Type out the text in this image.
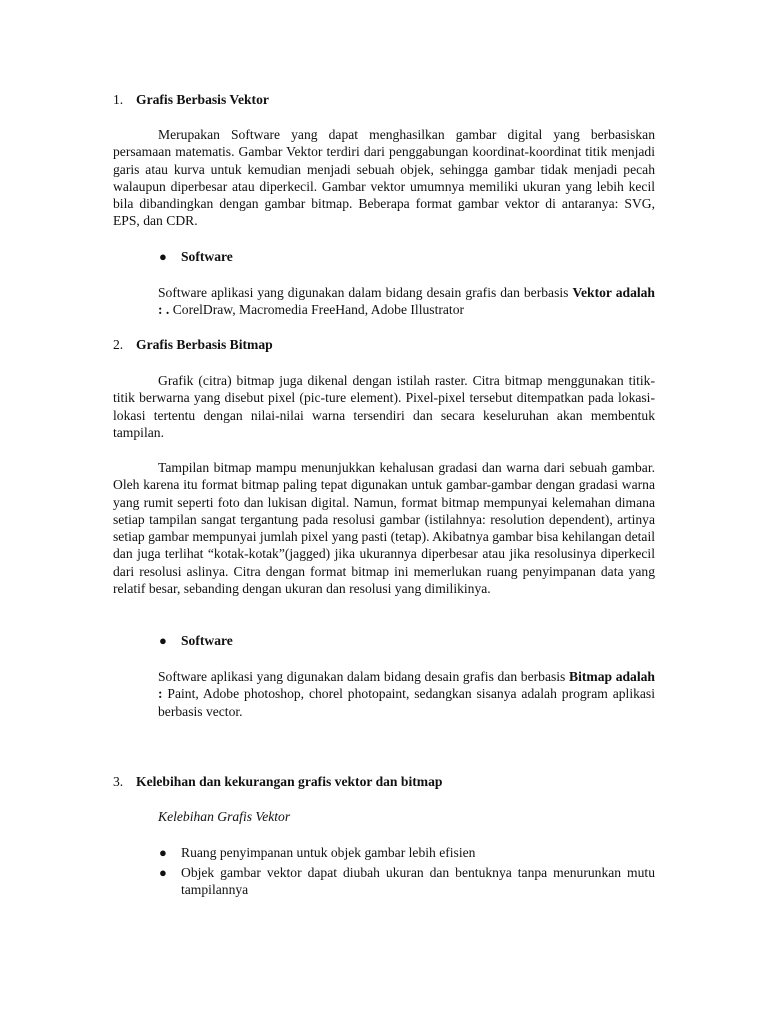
1. Grafis Berbasis Vektor

Merupakan Software yang dapat menghasilkan gambar digital yang berbasiskan persamaan matematis. Gambar Vektor terdiri dari penggabungan koordinat-koordinat titik menjadi garis atau kurva untuk kemudian menjadi sebuah objek, sehingga gambar tidak menjadi pecah walaupun diperbesar atau diperkecil. Gambar vektor umumnya memiliki ukuran yang lebih kecil bila dibandingkan dengan gambar bitmap. Beberapa format gambar vektor di antaranya: SVG, EPS, dan CDR.

● Software

Software aplikasi yang digunakan dalam bidang desain grafis dan berbasis Vektor adalah : . CorelDraw, Macromedia FreeHand, Adobe Illustrator

2. Grafis Berbasis Bitmap

Grafik (citra) bitmap juga dikenal dengan istilah raster. Citra bitmap menggunakan titik-titik berwarna yang disebut pixel (pic-ture element). Pixel-pixel tersebut ditempatkan pada lokasi-lokasi tertentu dengan nilai-nilai warna tersendiri dan secara keseluruhan akan membentuk tampilan.

Tampilan bitmap mampu menunjukkan kehalusan gradasi dan warna dari sebuah gambar. Oleh karena itu format bitmap paling tepat digunakan untuk gambar-gambar dengan gradasi warna yang rumit seperti foto dan lukisan digital. Namun, format bitmap mempunyai kelemahan dimana setiap tampilan sangat tergantung pada resolusi gambar (istilahnya: resolution dependent), artinya setiap gambar mempunyai jumlah pixel yang pasti (tetap). Akibatnya gambar bisa kehilangan detail dan juga terlihat “kotak-kotak”(jagged) jika ukurannya diperbesar atau jika resolusinya diperkecil dari resolusi aslinya. Citra dengan format bitmap ini memerlukan ruang penyimpanan data yang relatif besar, sebanding dengan ukuran dan resolusi yang dimilikinya.

● Software

Software aplikasi yang digunakan dalam bidang desain grafis dan berbasis Bitmap adalah : Paint, Adobe photoshop, chorel photopaint, sedangkan sisanya adalah program aplikasi berbasis vector.

3. Kelebihan dan kekurangan grafis vektor dan bitmap
Kelebihan Grafis Vektor
● Ruang penyimpanan untuk objek gambar lebih efisien
● Objek gambar vektor dapat diubah ukuran dan bentuknya tanpa menurunkan mutu tampilannya
